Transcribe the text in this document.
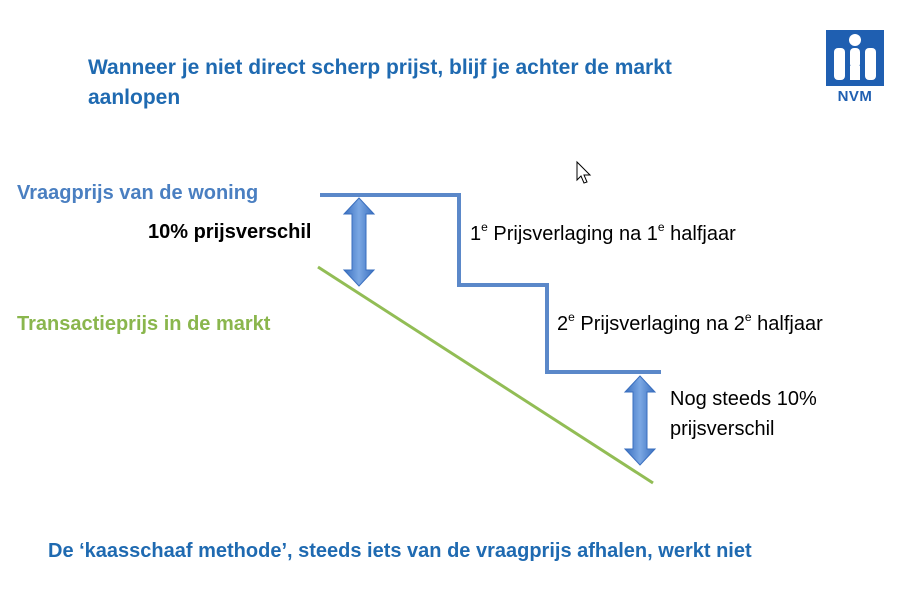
Wanneer je niet direct scherp prijst, blijf je achter de markt aanlopen	NVM
Vraagprijs van de woning
10% prijsverschil	1e Prijsverlaging na 1e halfjaar
Transactieprijs in de markt	2e Prijsverlaging na 2e halfjaar
Nog steeds 10%
prijsverschil
De ‘kaasschaaf methode’, steeds iets van de vraagprijs afhalen, werkt niet
